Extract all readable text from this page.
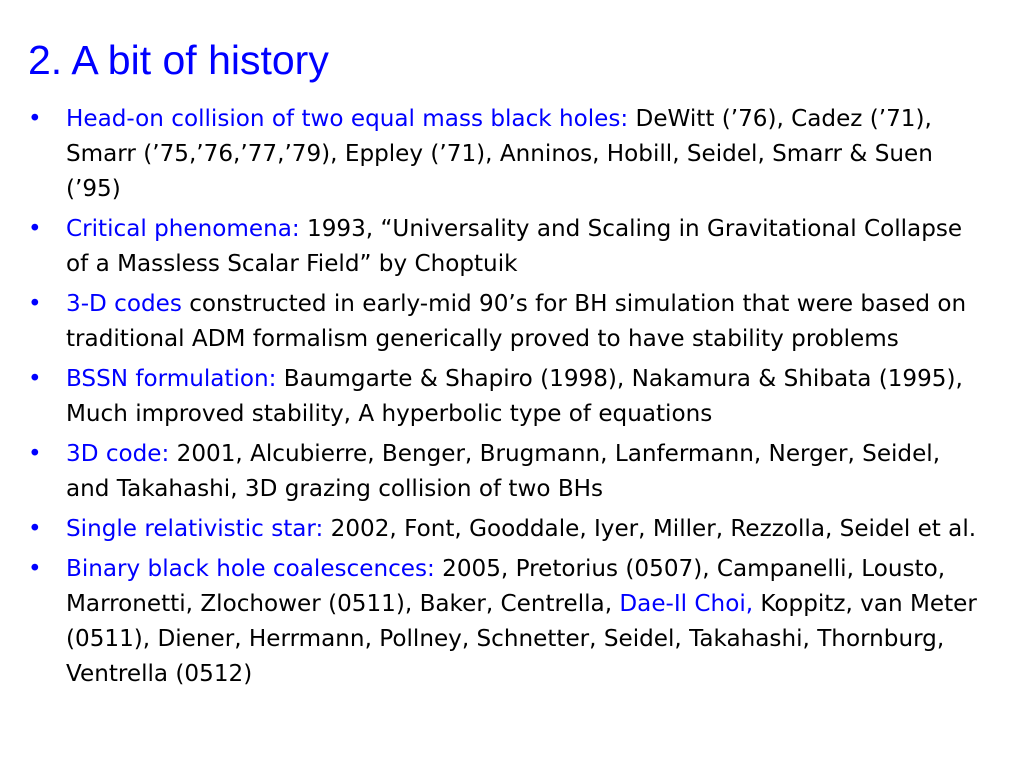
2. A bit of history
• Head-on collision of two equal mass black holes: DeWitt (’76), Cadez (’71), Smarr (’75,’76,’77,’79), Eppley (’71), Anninos, Hobill, Seidel, Smarr & Suen (’95)
• Critical phenomena: 1993, “Universality and Scaling in Gravitational Collapse of a Massless Scalar Field” by Choptuik
• 3-D codes constructed in early-mid 90’s for BH simulation that were based on traditional ADM formalism generically proved to have stability problems
• BSSN formulation: Baumgarte & Shapiro (1998), Nakamura & Shibata (1995), Much improved stability, A hyperbolic type of equations
• 3D code: 2001, Alcubierre, Benger, Brugmann, Lanfermann, Nerger, Seidel, and Takahashi, 3D grazing collision of two BHs
• Single relativistic star: 2002, Font, Gooddale, Iyer, Miller, Rezzolla, Seidel et al.
• Binary black hole coalescences: 2005, Pretorius (0507), Campanelli, Lousto, Marronetti, Zlochower (0511), Baker, Centrella, Dae-Il Choi, Koppitz, van Meter (0511), Diener, Herrmann, Pollney, Schnetter, Seidel, Takahashi, Thornburg, Ventrella (0512)
